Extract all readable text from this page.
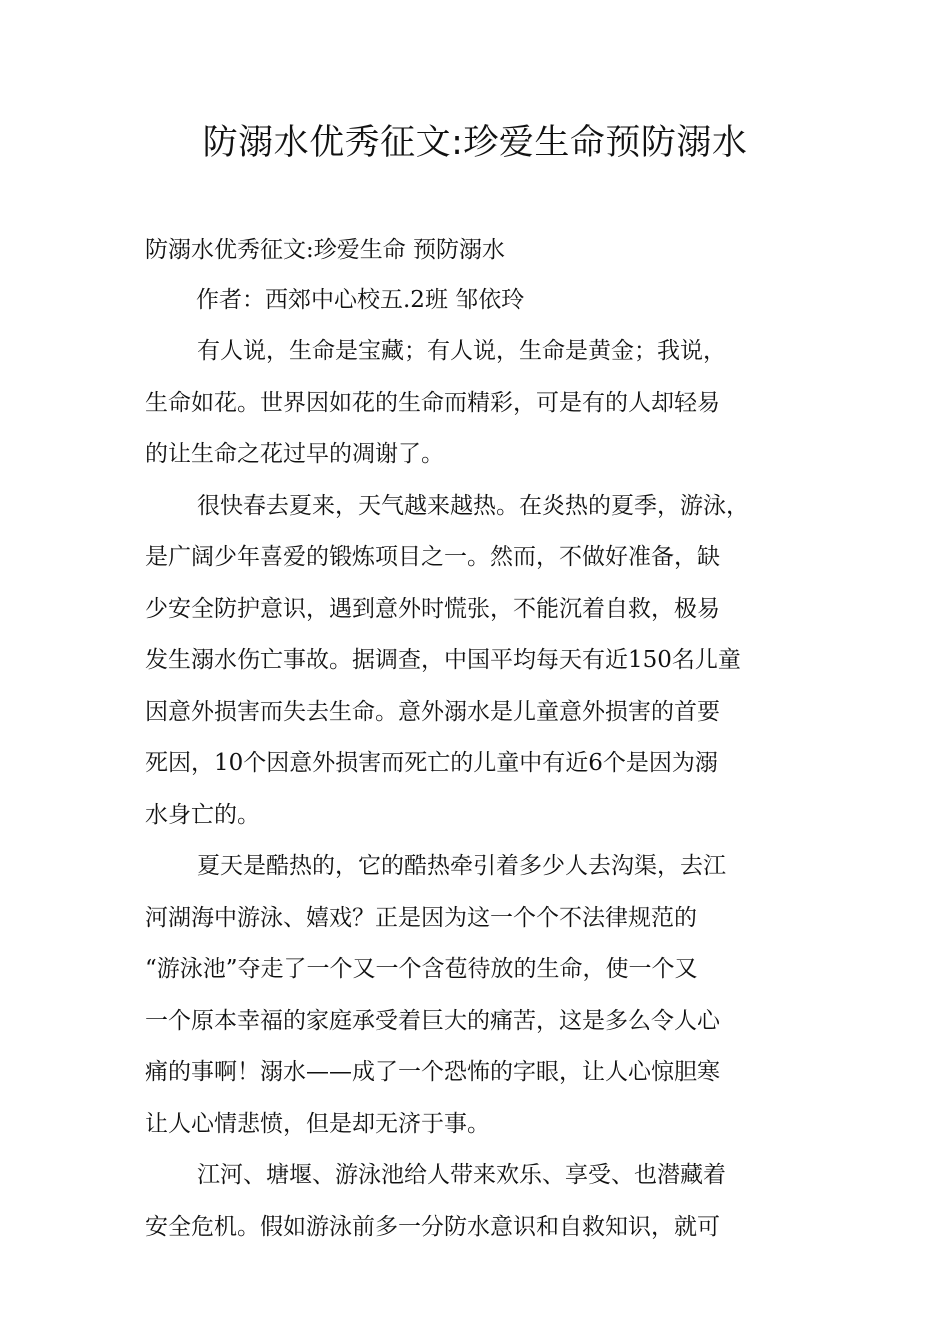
防溺水优秀征文:珍爱生命预防溺水

防溺水优秀征文:珍爱生命 预防溺水

作者：西郊中心校五.2班 邹依玲

有人说，生命是宝藏；有人说，生命是黄金；我说，
生命如花。世界因如花的生命而精彩，可是有的人却轻易
的让生命之花过早的凋谢了。
很快春去夏来，天气越来越热。在炎热的夏季，游泳，
是广阔少年喜爱的锻炼项目之一。然而，不做好准备，缺
少安全防护意识，遇到意外时慌张，不能沉着自救，极易
发生溺水伤亡事故。据调查，中国平均每天有近150名儿童
因意外损害而失去生命。意外溺水是儿童意外损害的首要
死因，10个因意外损害而死亡的儿童中有近6个是因为溺
水身亡的。
夏天是酷热的，它的酷热牵引着多少人去沟渠，去江
河湖海中游泳、嬉戏？正是因为这一个个不法律规范的
“游泳池”夺走了一个又一个含苞待放的生命，使一个又
一个原本幸福的家庭承受着巨大的痛苦，这是多么令人心
痛的事啊！溺水——成了一个恐怖的字眼，让人心惊胆寒
让人心情悲愤，但是却无济于事。
江河、塘堰、游泳池给人带来欢乐、享受、也潜藏着
安全危机。假如游泳前多一分防水意识和自救知识，就可
